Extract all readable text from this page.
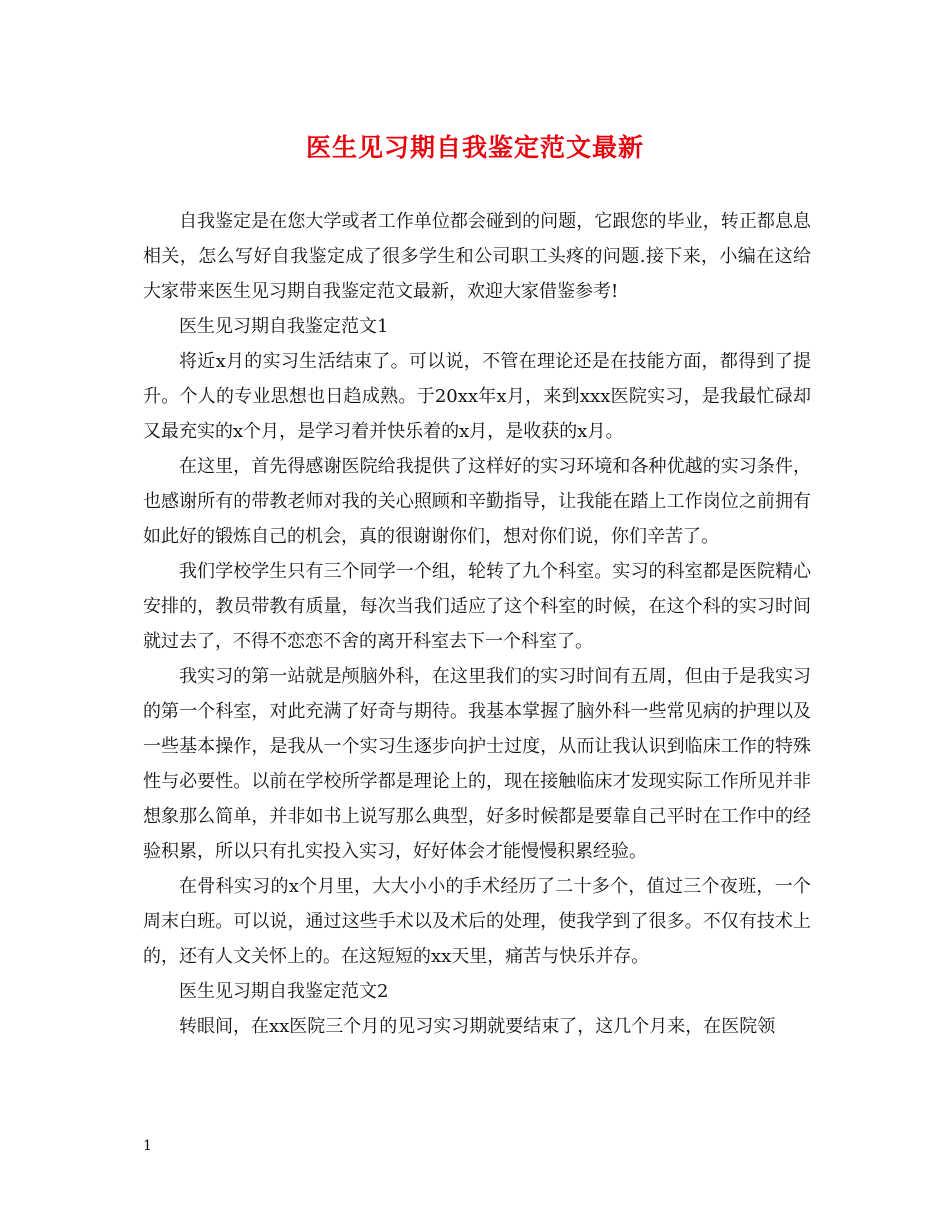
医生见习期自我鉴定范文最新

自我鉴定是在您大学或者工作单位都会碰到的问题，它跟您的毕业，转正都息息相关，怎么写好自我鉴定成了很多学生和公司职工头疼的问题.接下来，小编在这给大家带来医生见习期自我鉴定范文最新，欢迎大家借鉴参考!

医生见习期自我鉴定范文1

将近x月的实习生活结束了。可以说，不管在理论还是在技能方面，都得到了提升。个人的专业思想也日趋成熟。于20xx年x月，来到xxx医院实习，是我最忙碌却又最充实的x个月，是学习着并快乐着的x月，是收获的x月。

在这里，首先得感谢医院给我提供了这样好的实习环境和各种优越的实习条件，也感谢所有的带教老师对我的关心照顾和辛勤指导，让我能在踏上工作岗位之前拥有如此好的锻炼自己的机会，真的很谢谢你们，想对你们说，你们辛苦了。

我们学校学生只有三个同学一个组，轮转了九个科室。实习的科室都是医院精心安排的，教员带教有质量，每次当我们适应了这个科室的时候，在这个科的实习时间就过去了，不得不恋恋不舍的离开科室去下一个科室了。

我实习的第一站就是颅脑外科，在这里我们的实习时间有五周，但由于是我实习的第一个科室，对此充满了好奇与期待。我基本掌握了脑外科一些常见病的护理以及一些基本操作，是我从一个实习生逐步向护士过度，从而让我认识到临床工作的特殊性与必要性。以前在学校所学都是理论上的，现在接触临床才发现实际工作所见并非想象那么简单，并非如书上说写那么典型，好多时候都是要靠自己平时在工作中的经验积累，所以只有扎实投入实习，好好体会才能慢慢积累经验。

在骨科实习的x个月里，大大小小的手术经历了二十多个，值过三个夜班，一个周末白班。可以说，通过这些手术以及术后的处理，使我学到了很多。不仅有技术上的，还有人文关怀上的。在这短短的xx天里，痛苦与快乐并存。

医生见习期自我鉴定范文2

转眼间，在xx医院三个月的见习实习期就要结束了，这几个月来，在医院领

1
